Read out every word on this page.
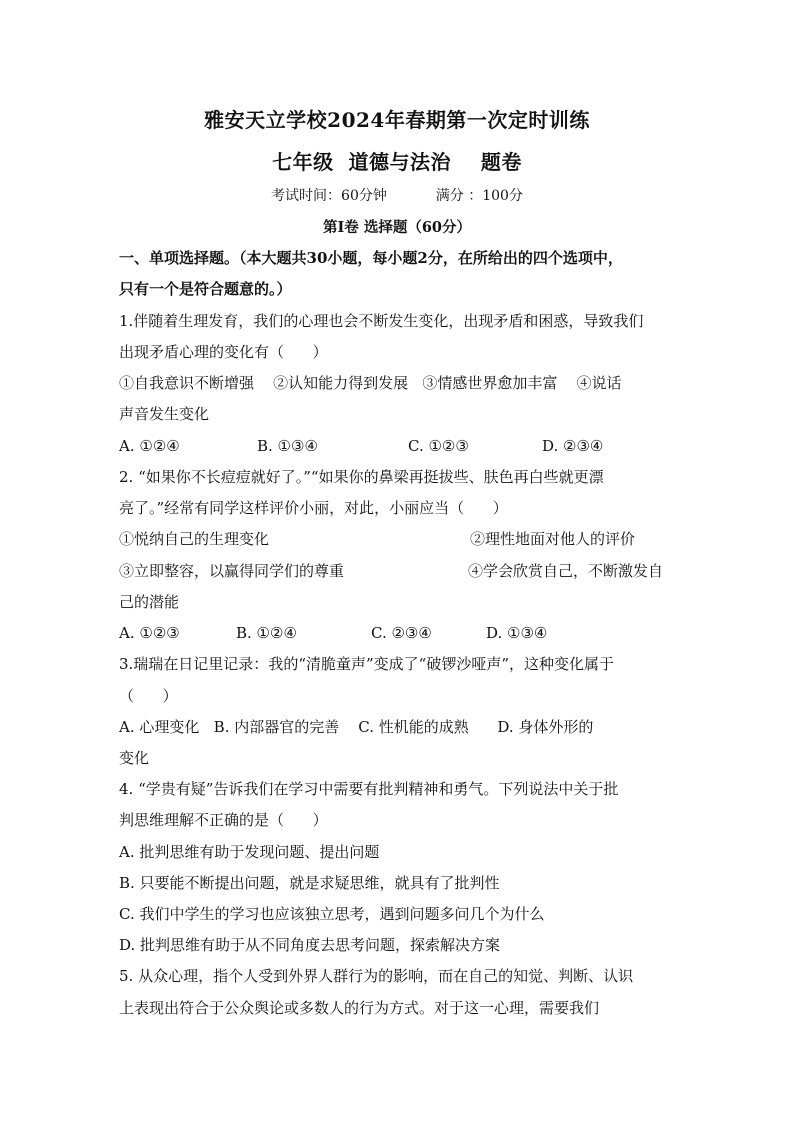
雅安天立学校2024年春期第一次定时训练
七年级  道德与法治    题卷
考试时间：60分钟	满分 ：100分
第Ⅰ卷 选择题（60分）
一、单项选择题。（本大题共30小题，每小题2分，在所给出的四个选项中，
只有一个是符合题意的。）
1.伴随着生理发育，我们的心理也会不断发生变化，出现矛盾和困惑，导致我们
出现矛盾心理的变化有（      ）
①自我意识不断增强    ②认知能力得到发展   ③情感世界愈加丰富    ④说话
声音发生变化
A. ①②④	B. ①③④	C. ①②③	D. ②③④
2. “如果你不长痘痘就好了。”“如果你的鼻梁再挺拔些、肤色再白些就更漂
亮了。”经常有同学这样评价小丽，对此，小丽应当（      ）
①悦纳自己的生理变化	②理性地面对他人的评价
③立即整容，以赢得同学们的尊重	④学会欣赏自己，不断激发自
己的潜能
A. ①②③	B. ①②④	C. ②③④	D. ①③④
3.瑞瑞在日记里记录：我的“清脆童声”变成了“破锣沙哑声”，这种变化属于
（      ）
A. 心理变化   B. 内部器官的完善    C. 性机能的成熟      D. 身体外形的
变化
4. “学贵有疑”告诉我们在学习中需要有批判精神和勇气。下列说法中关于批
判思维理解不正确的是（      ）
A. 批判思维有助于发现问题、提出问题
B. 只要能不断提出问题，就是求疑思维，就具有了批判性
C. 我们中学生的学习也应该独立思考，遇到问题多问几个为什么
D. 批判思维有助于从不同角度去思考问题，探索解决方案
5. 从众心理，指个人受到外界人群行为的影响，而在自己的知觉、判断、认识
上表现出符合于公众舆论或多数人的行为方式。对于这一心理，需要我们
